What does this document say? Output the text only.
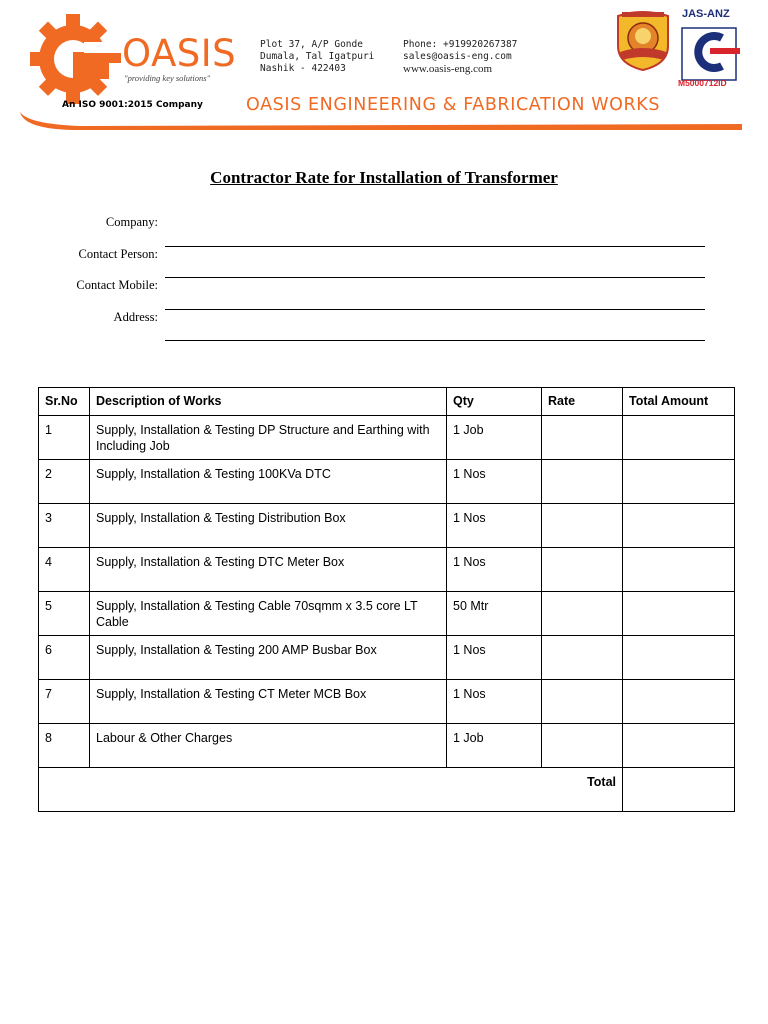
OASIS
"providing key solutions"
An ISO 9001:2015 Company
Plot 37, A/P Gonde
Dumala, Tal Igatpuri
Nashik - 422403
Phone: +919920267387
sales@oasis-eng.com
www.oasis-eng.com
JAS-ANZ
M5000712ID
OASIS ENGINEERING & FABRICATION WORKS
Contractor Rate for Installation of Transformer
Company:
Contact Person:
Contact Mobile:
Address:
Sr.No	Description of Works	Qty	Rate	Total Amount
1	Supply, Installation & Testing DP Structure and Earthing with Including Job	1 Job		
2	Supply, Installation & Testing 100KVa DTC	1 Nos		
3	Supply, Installation & Testing Distribution Box	1 Nos		
4	Supply, Installation & Testing DTC Meter Box	1 Nos		
5	Supply, Installation & Testing Cable 70sqmm x 3.5 core LT Cable	50 Mtr		
6	Supply, Installation & Testing 200 AMP Busbar Box	1 Nos		
7	Supply, Installation & Testing CT Meter MCB Box	1 Nos		
8	Labour & Other Charges	1 Job		
Total				
